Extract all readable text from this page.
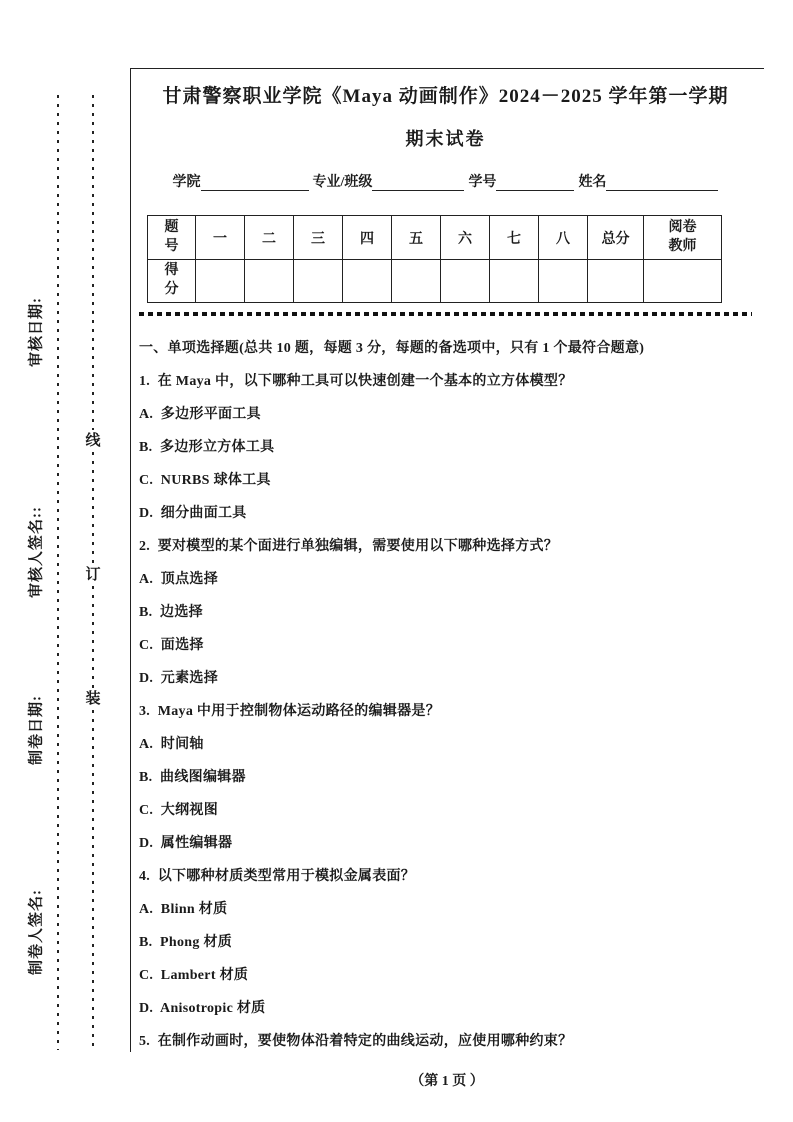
审核日期:
审核人签名::
制卷日期:
制卷人签名:
线
订
装
甘肃警察职业学院《Maya 动画制作》2024－2025 学年第一学期
期末试卷
学院	专业/班级	学号	姓名
题号	一	二	三	四	五	六	七	八	总分	阅卷教师
得分										
一、单项选择题(总共 10 题，每题 3 分，每题的备选项中，只有 1 个最符合题意)
1.  在 Maya 中，以下哪种工具可以快速创建一个基本的立方体模型？
A.  多边形平面工具
B.  多边形立方体工具
C.  NURBS 球体工具
D.  细分曲面工具
2.  要对模型的某个面进行单独编辑，需要使用以下哪种选择方式？
A.  顶点选择
B.  边选择
C.  面选择
D.  元素选择
3.  Maya 中用于控制物体运动路径的编辑器是？
A.  时间轴
B.  曲线图编辑器
C.  大纲视图
D.  属性编辑器
4.  以下哪种材质类型常用于模拟金属表面？
A.  Blinn 材质
B.  Phong 材质
C.  Lambert 材质
D.  Anisotropic 材质
5.  在制作动画时，要使物体沿着特定的曲线运动，应使用哪种约束？
（第 1 页 ）
